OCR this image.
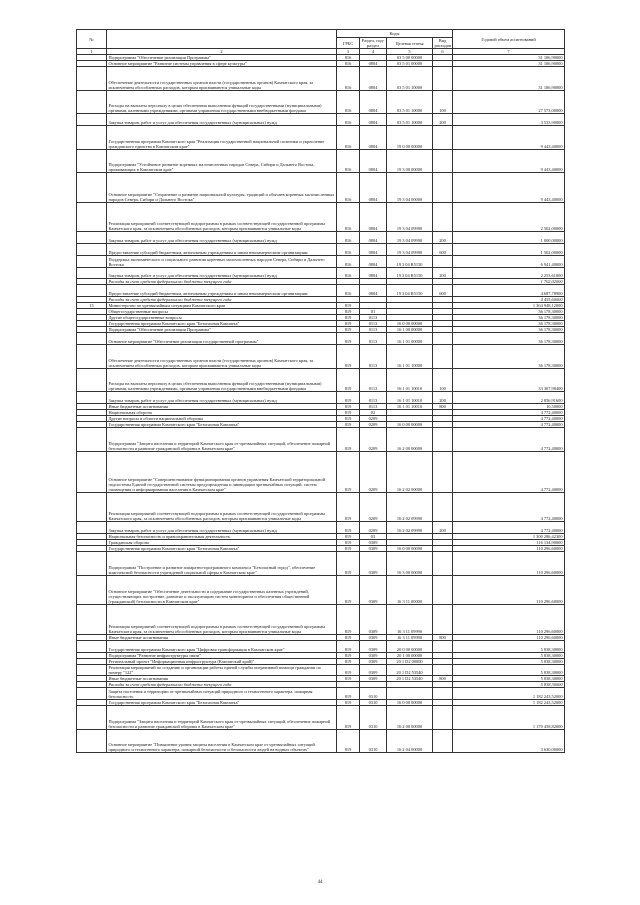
№		Коды				Годовой объем ассигнований
		ГРБС	Раздел, под-раздел	Целевая статья	Вид расходов	
1	2	3	4	5	6	7
	Подпрограмма "Обеспечение реализации Программы"	816		03 5 00 00000		31 106,90000
	Основное мероприятие "Развитие системы управления в сфере культуры"	816	0804	03 5 01 00000		31 106,90000
	Обеспечение деятельности государственных органов власти (государственных органов) Камчатского края, за исключением обособленных расходов, которым присваиваются уникальные коды	816	0804	03 5 01 10000		31 106,90000
	Расходы на выплаты персоналу в целях обеспечения выполнения функций государственными (муниципальными) органами, казенными учреждениями, органами управления государственными внебюджетными фондами	816	0804	03 5 01 10000	100	27 573,00000
	Закупка товаров, работ и услуг для обеспечения государственных (муниципальных) нужд	816	0804	03 5 01 10000	200	3 533,90000
	Государственная программа Камчатского края "Реализация государственной национальной политики и укрепление гражданского единства в Камчатском крае"	816	0804	19 0 00 00000		9 443,40000
	Подпрограмма "Устойчивое развитие коренных малочисленных народов Севера, Сибири и Дальнего Востока, проживающих в Камчатском крае"	816	0804	19 3 00 00000		9 443,40000
	Основное мероприятие "Сохранение и развитие национальной культуры, традиций и обычаев коренных малочисленных народов Севера, Сибири и Дальнего Востока"	816	0804	19 3 04 00000		9 443,40000
	Реализация мероприятий соответствующей подпрограммы в рамках соответствующей государственной программы Камчатского края, за исключением обособленных расходов, которым присваиваются уникальные коды	816	0804	19 3 04 09990		2 502,00000
	Закупка товаров, работ и услуг для обеспечения государственных (муниципальных) нужд	816	0804	19 3 04 09990	200	1 000,00000
	Предоставление субсидий бюджетным, автономным учреждениям и иным некоммерческим организациям	816	0804	19 3 04 09990	600	1 502,00000
	Поддержка экономического и социального развития коренных малочисленных народов Севера, Сибири и Дальнего Востока	816	0804	19 3 04 R5150		6 941,40000
	Закупка товаров, работ и услуг для обеспечения государственных (муниципальных) нужд	816	0804	19 3 04 R5150	200	2 253,61000
	Расходы за счет средств федерального бюджета текущего года					1 702,02000
	Предоставление субсидий бюджетным, автономным учреждениям и иным некоммерческим организациям	816	0804	19 3 04 R5150	600	4 687,78900
	Расходы за счет средств федерального бюджета текущего года					4 455,60000
15	Министерство по чрезвычайным ситуациям Камчатского края	819				1 364 948,12000
	Общегосударственные вопросы	819	01			36 178,30000
	Другие общегосударственные вопросы	819	0113			36 178,30000
	Государственная программа Камчатского края "Безопасная Камчатка"	819	0113	16 0 00 00000		36 178,30000
	Подпрограмма "Обеспечение реализации Программы"	819	0113	16 1 00 00000		36 178,30000
	Основное мероприятие "Обеспечение реализации государственной программы"	819	0113	16 1 01 00000		36 178,30000
	Обеспечение деятельности государственных органов власти (государственных органов) Камчатского края, за исключением обособленных расходов, которым присваиваются уникальные коды	819	0113	16 1 01 10000		36 178,30000
	Расходы на выплаты персоналу в целях обеспечения выполнения функций государственными (муниципальными) органами, казенными учреждениями, органами управления государственными внебюджетными фондами	819	0113	16 1 01 10010	100	33 307,98400
	Закупка товаров, работ и услуг для обеспечения государственных (муниципальных) нужд	819	0113	16 1 01 10010	200	2 856,91600
	Иные бюджетные ассигнования	819	0113	16 1 01 10010	800	10,50000
	Национальная оборона	819	02			4 772,40000
	Другие вопросы в области национальной обороны	819	0209			4 772,40000
	Государственная программа Камчатского края "Безопасная Камчатка"	819	0209	16 0 00 00000		4 772,40000
	Подпрограмма "Защита населения и территорий Камчатского края от чрезвычайных ситуаций, обеспечение пожарной безопасности и развитие гражданской обороны в Камчатском крае"	819	0209	16 2 00 00000		4 772,40000
	Основное мероприятие "Совершенствование функционирования органов управления Камчатской территориальной подсистемы Единой государственной системы предупреждения и ликвидации чрезвычайных ситуаций, систем оповещения и информирования населения в Камчатском крае"	819	0209	16 2 02 00000		4 772,40000
	Реализация мероприятий соответствующей подпрограммы в рамках соответствующей государственной программы Камчатского края, за исключением обособленных расходов, которым присваиваются уникальные коды	819	0209	16 2 02 09990		4 772,40000
	Закупка товаров, работ и услуг для обеспечения государственных (муниципальных) нужд	819	0209	16 2 02 09990	200	4 772,40000
	Национальная безопасность и правоохранительная деятельность	819	03			1 300 286,42300
	Гражданская оборона	819	0309			116 134,90000
	Государственная программа Камчатского края "Безопасная Камчатка"	819	0309	16 0 00 00000		110 296,60000
	Подпрограмма "Построение и развитие аппаратно-программного комплекса "Безопасный город", обеспечение комплексной безопасности учреждений социальной сферы в Камчатском крае"	819	0309	16 3 00 00000		110 296,60000
	Основное мероприятие "Обеспечение деятельности и содержание государственных казенных учреждений, осуществляющих построение, развитие и эксплуатацию систем мониторинга и обеспечения общественной (гражданской) безопасности в Камчатском крае"	819	0309	16 3 11 00000		110 296,60000
	Реализация мероприятий соответствующей подпрограммы в рамках соответствующей государственной программы Камчатского края, за исключением обособленных расходов, которым присваиваются уникальные коды	819	0309	16 3 11 09990		110 296,60000
	Иные бюджетные ассигнования	819	0309	16 3 11 09990	800	110 296,60000
	Государственная программа Камчатского края "Цифровая трансформация в Камчатском крае"	819	0309	20 0 00 00000		5 838,30000
	Подпрограмма "Развитие инфраструктуры связи"	819	0309	20 1 00 00000		5 838,30000
	Региональный проект "Информационная инфраструктура (Камчатский край)"	819	0309	20 1 D2 00000		5 838,30000
	Реализация мероприятий по созданию и организации работы единой службы оперативной помощи гражданам по номеру "122"	819	0309	20 1 D2 53540		5 838,30000
	Иные бюджетные ассигнования	819	0309	20 1 D2 53540	800	5 838,30000
	Расходы за счет средств федерального бюджета текущего года					5 838,30000
	Защита населения и территории от чрезвычайных ситуаций природного и техногенного характера, пожарная безопасность	819	0310			1 182 243,52000
	Государственная программа Камчатского края "Безопасная Камчатка"	819	0310	16 0 00 00000		1 182 243,52000
	Подпрограмма "Защита населения и территорий Камчатского края от чрезвычайных ситуаций, обеспечение пожарной безопасности и развитие гражданской обороны в Камчатском крае"	819	0310	16 2 00 00000		1 170 458,82000
	Основное мероприятие "Повышение уровня защиты населения в Камчатском крае от чрезвычайных ситуаций природного и техногенного характера, пожарной безопасности и безопасности людей на водных объектах"	819	0310	16 2 04 00000		3 630,00000
44
